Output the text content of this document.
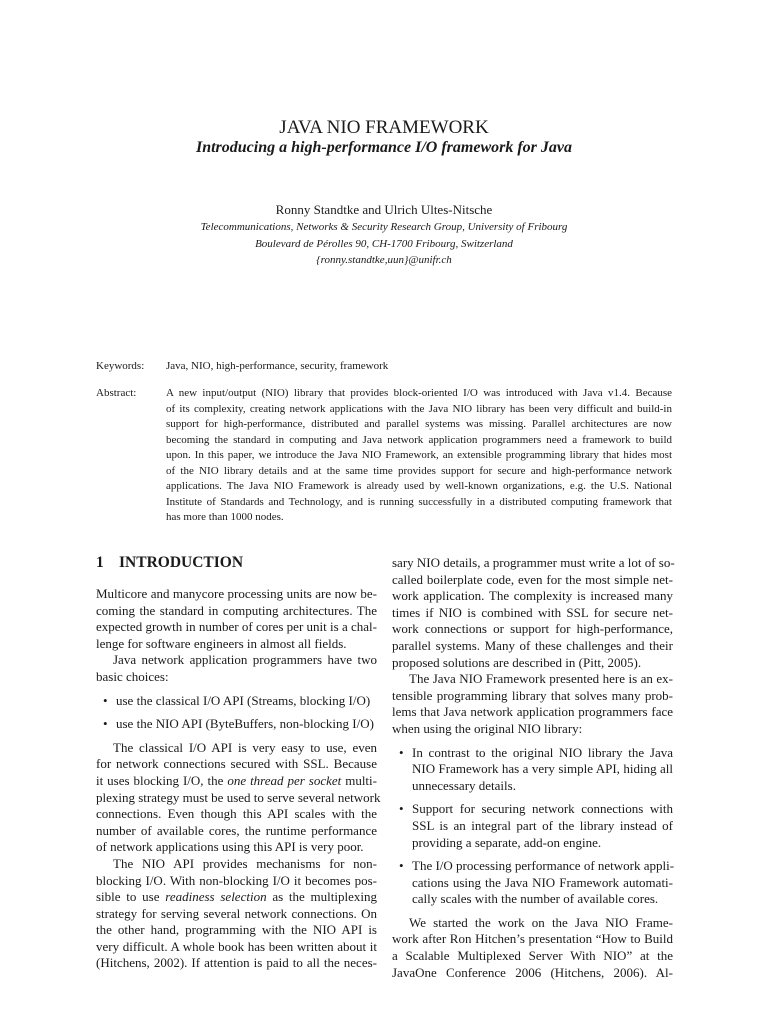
JAVA NIO FRAMEWORK
Introducing a high-performance I/O framework for Java
Ronny Standtke and Ulrich Ultes-Nitsche
Telecommunications, Networks & Security Research Group, University of Fribourg
Boulevard de Pérolles 90, CH-1700 Fribourg, Switzerland
{ronny.standtke,uun}@unifr.ch
Keywords: Java, NIO, high-performance, security, framework
Abstract:	A new input/output (NIO) library that provides block-oriented I/O was introduced with Java v1.4. Because
of its complexity, creating network applications with the Java NIO library has been very difficult and build-in
support for high-performance, distributed and parallel systems was missing. Parallel architectures are now
becoming the standard in computing and Java network application programmers need a framework to build
upon. In this paper, we introduce the Java NIO Framework, an extensible programming library that hides most
of the NIO library details and at the same time provides support for secure and high-performance network
applications. The Java NIO Framework is already used by well-known organizations, e.g. the U.S. National
Institute of Standards and Technology, and is running successfully in a distributed computing framework that
has more than 1000 nodes.
1 INTRODUCTION
Multicore and manycore processing units are now be-
coming the standard in computing architectures. The
expected growth in number of cores per unit is a chal-
lenge for software engineers in almost all fields.
Java network application programmers have two
basic choices:
• use the classical I/O API (Streams, blocking I/O)
• use the NIO API (ByteBuffers, non-blocking I/O)
The classical I/O API is very easy to use, even
for network connections secured with SSL. Because
it uses blocking I/O, the one thread per socket multi-
plexing strategy must be used to serve several network
connections. Even though this API scales with the
number of available cores, the runtime performance
of network applications using this API is very poor.
The NIO API provides mechanisms for non-
blocking I/O. With non-blocking I/O it becomes pos-
sible to use readiness selection as the multiplexing
strategy for serving several network connections. On
the other hand, programming with the NIO API is
very difficult. A whole book has been written about it
(Hitchens, 2002). If attention is paid to all the neces-
sary NIO details, a programmer must write a lot of so-
called boilerplate code, even for the most simple net-
work application. The complexity is increased many
times if NIO is combined with SSL for secure net-
work connections or support for high-performance,
parallel systems. Many of these challenges and their
proposed solutions are described in (Pitt, 2005).
The Java NIO Framework presented here is an ex-
tensible programming library that solves many prob-
lems that Java network application programmers face
when using the original NIO library:
• In contrast to the original NIO library the Java
NIO Framework has a very simple API, hiding all
unnecessary details.
• Support for securing network connections with
SSL is an integral part of the library instead of
providing a separate, add-on engine.
• The I/O processing performance of network appli-
cations using the Java NIO Framework automati-
cally scales with the number of available cores.
We started the work on the Java NIO Frame-
work after Ron Hitchen’s presentation “How to Build
a Scalable Multiplexed Server With NIO” at the
JavaOne Conference 2006 (Hitchens, 2006). Al-
